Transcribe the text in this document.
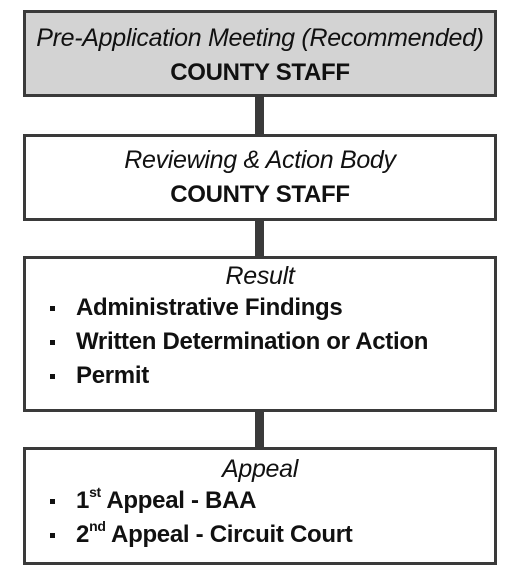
Pre-Application Meeting (Recommended)
COUNTY STAFF
Reviewing & Action Body
COUNTY STAFF
Result
Administrative Findings
Written Determination or Action
Permit
Appeal
1st Appeal - BAA
2nd Appeal - Circuit Court
